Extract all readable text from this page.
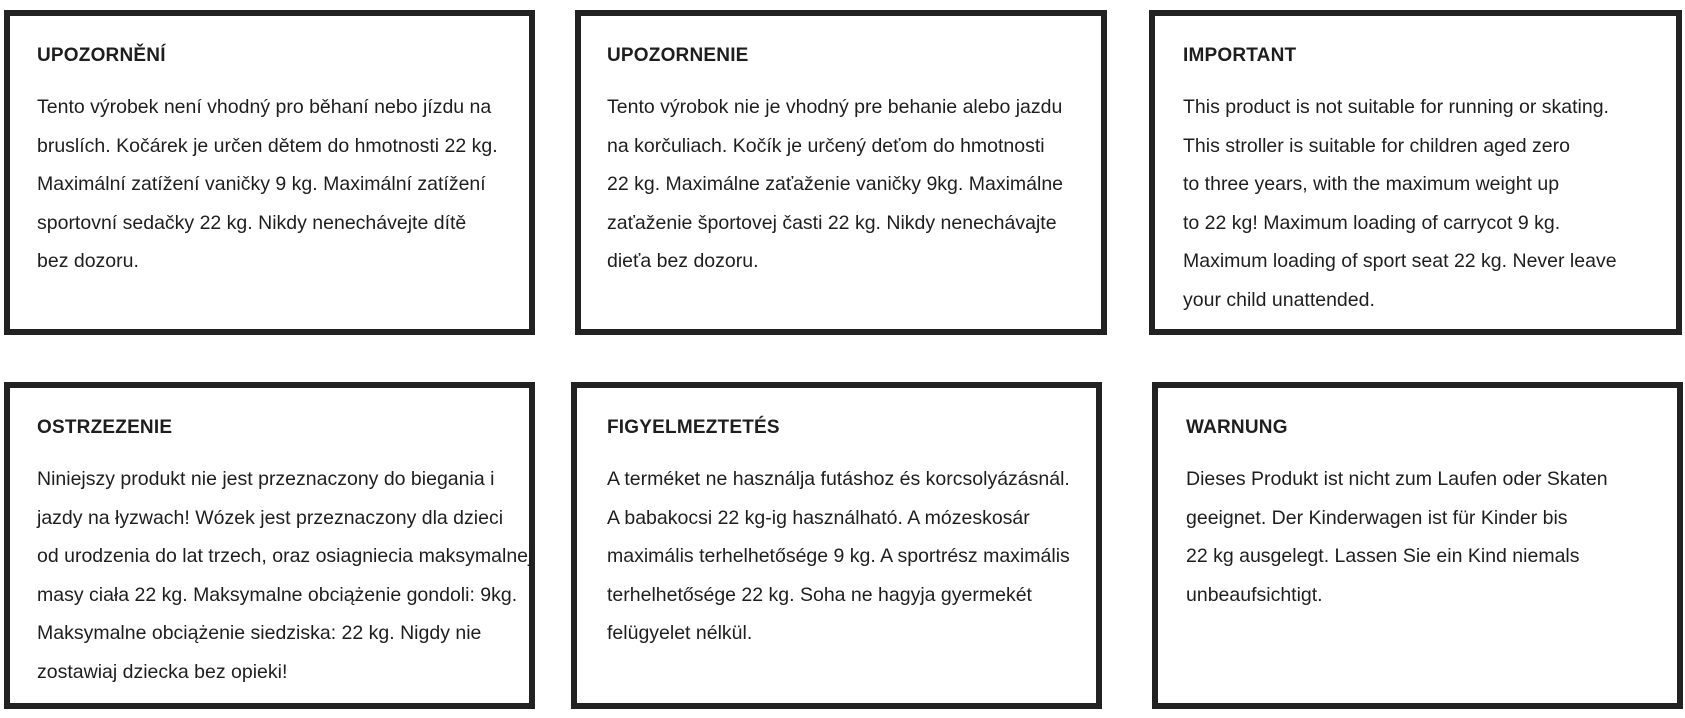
UPOZORNĚNÍ
Tento výrobek není vhodný pro běhaní nebo jízdu na
bruslích. Kočárek je určen dětem do hmotnosti 22 kg.
Maximální zatížení vaničky 9 kg. Maximální zatížení
sportovní sedačky 22 kg. Nikdy nenechávejte dítě
bez dozoru.
UPOZORNENIE
Tento výrobok nie je vhodný pre behanie alebo jazdu
na korčuliach. Kočík je určený deťom do hmotnosti
22 kg. Maximálne zaťaženie vaničky 9kg. Maximálne
zaťaženie športovej časti 22 kg. Nikdy nenechávajte
dieťa bez dozoru.
IMPORTANT
This product is not suitable for running or skating.
This stroller is suitable for children aged zero
to three years, with the maximum weight up
to 22 kg! Maximum loading of carrycot 9 kg.
Maximum loading of sport seat 22 kg. Never leave
your child unattended.
OSTRZEZENIE
Niniejszy produkt nie jest przeznaczony do biegania i
jazdy na łyzwach! Wózek jest przeznaczony dla dzieci
od urodzenia do lat trzech, oraz osiagniecia maksymalnej
masy ciała 22 kg. Maksymalne obciążenie gondoli: 9kg.
Maksymalne obciążenie siedziska: 22 kg. Nigdy nie
zostawiaj dziecka bez opieki!
FIGYELMEZTETÉS
A terméket ne használja futáshoz és korcsolyázásnál.
A babakocsi 22 kg-ig használható. A mózeskosár
maximális terhelhetősége 9 kg. A sportrész maximális
terhelhetősége 22 kg. Soha ne hagyja gyermekét
felügyelet nélkül.
WARNUNG
Dieses Produkt ist nicht zum Laufen oder Skaten
geeignet. Der Kinderwagen ist für Kinder bis
22 kg ausgelegt. Lassen Sie ein Kind niemals
unbeaufsichtigt.
